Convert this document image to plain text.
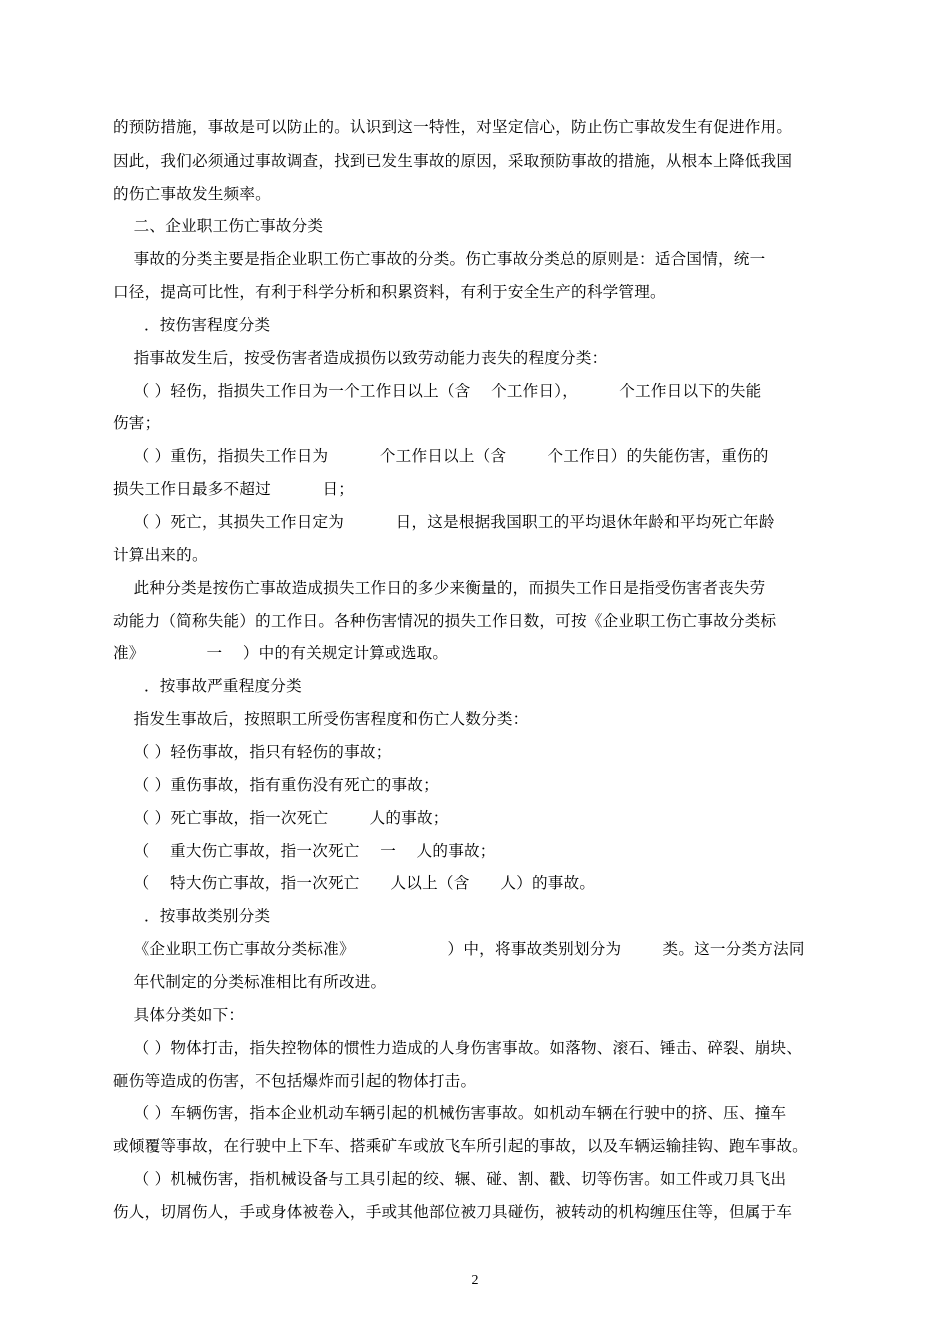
的预防措施，事故是可以防止的。认识到这一特性，对坚定信心，防止伤亡事故发生有促进作用。
因此，我们必须通过事故调查，找到已发生事故的原因，采取预防事故的措施，从根本上降低我国
的伤亡事故发生频率。
二、企业职工伤亡事故分类
事故的分类主要是指企业职工伤亡事故的分类。伤亡事故分类总的原则是：适合国情，统一
口径，提高可比性，有利于科学分析和积累资料，有利于安全生产的科学管理。
．按伤害程度分类
指事故发生后，按受伤害者造成损伤以致劳动能力丧失的程度分类：
（ ）轻伤，指损失工作日为一个工作日以上（含    个工作日），        个工作日以下的失能
伤害；
（ ）重伤，指损失工作日为          个工作日以上（含        个工作日）的失能伤害，重伤的
损失工作日最多不超过          日；
（ ）死亡，其损失工作日定为          日，这是根据我国职工的平均退休年龄和平均死亡年龄
计算出来的。
此种分类是按伤亡事故造成损失工作日的多少来衡量的，而损失工作日是指受伤害者丧失劳
动能力（简称失能）的工作日。各种伤害情况的损失工作日数，可按《企业职工伤亡事故分类标
准》            一    ）中的有关规定计算或选取。
．按事故严重程度分类
指发生事故后，按照职工所受伤害程度和伤亡人数分类：
（ ）轻伤事故，指只有轻伤的事故；
（ ）重伤事故，指有重伤没有死亡的事故；
（ ）死亡事故，指一次死亡        人的事故；
（    重大伤亡事故，指一次死亡    一    人的事故；
（    特大伤亡事故，指一次死亡      人以上（含      人）的事故。
．按事故类别分类
《企业职工伤亡事故分类标准》                  ）中，将事故类别划分为        类。这一分类方法同
年代制定的分类标准相比有所改进。
具体分类如下：
（ ）物体打击，指失控物体的惯性力造成的人身伤害事故。如落物、滚石、锤击、碎裂、崩块、
砸伤等造成的伤害，不包括爆炸而引起的物体打击。
（ ）车辆伤害，指本企业机动车辆引起的机械伤害事故。如机动车辆在行驶中的挤、压、撞车
或倾覆等事故，在行驶中上下车、搭乘矿车或放飞车所引起的事故，以及车辆运输挂钩、跑车事故。
（ ）机械伤害，指机械设备与工具引起的绞、辗、碰、割、戳、切等伤害。如工件或刀具飞出
伤人，切屑伤人，手或身体被卷入，手或其他部位被刀具碰伤，被转动的机构缠压住等，但属于车
2
